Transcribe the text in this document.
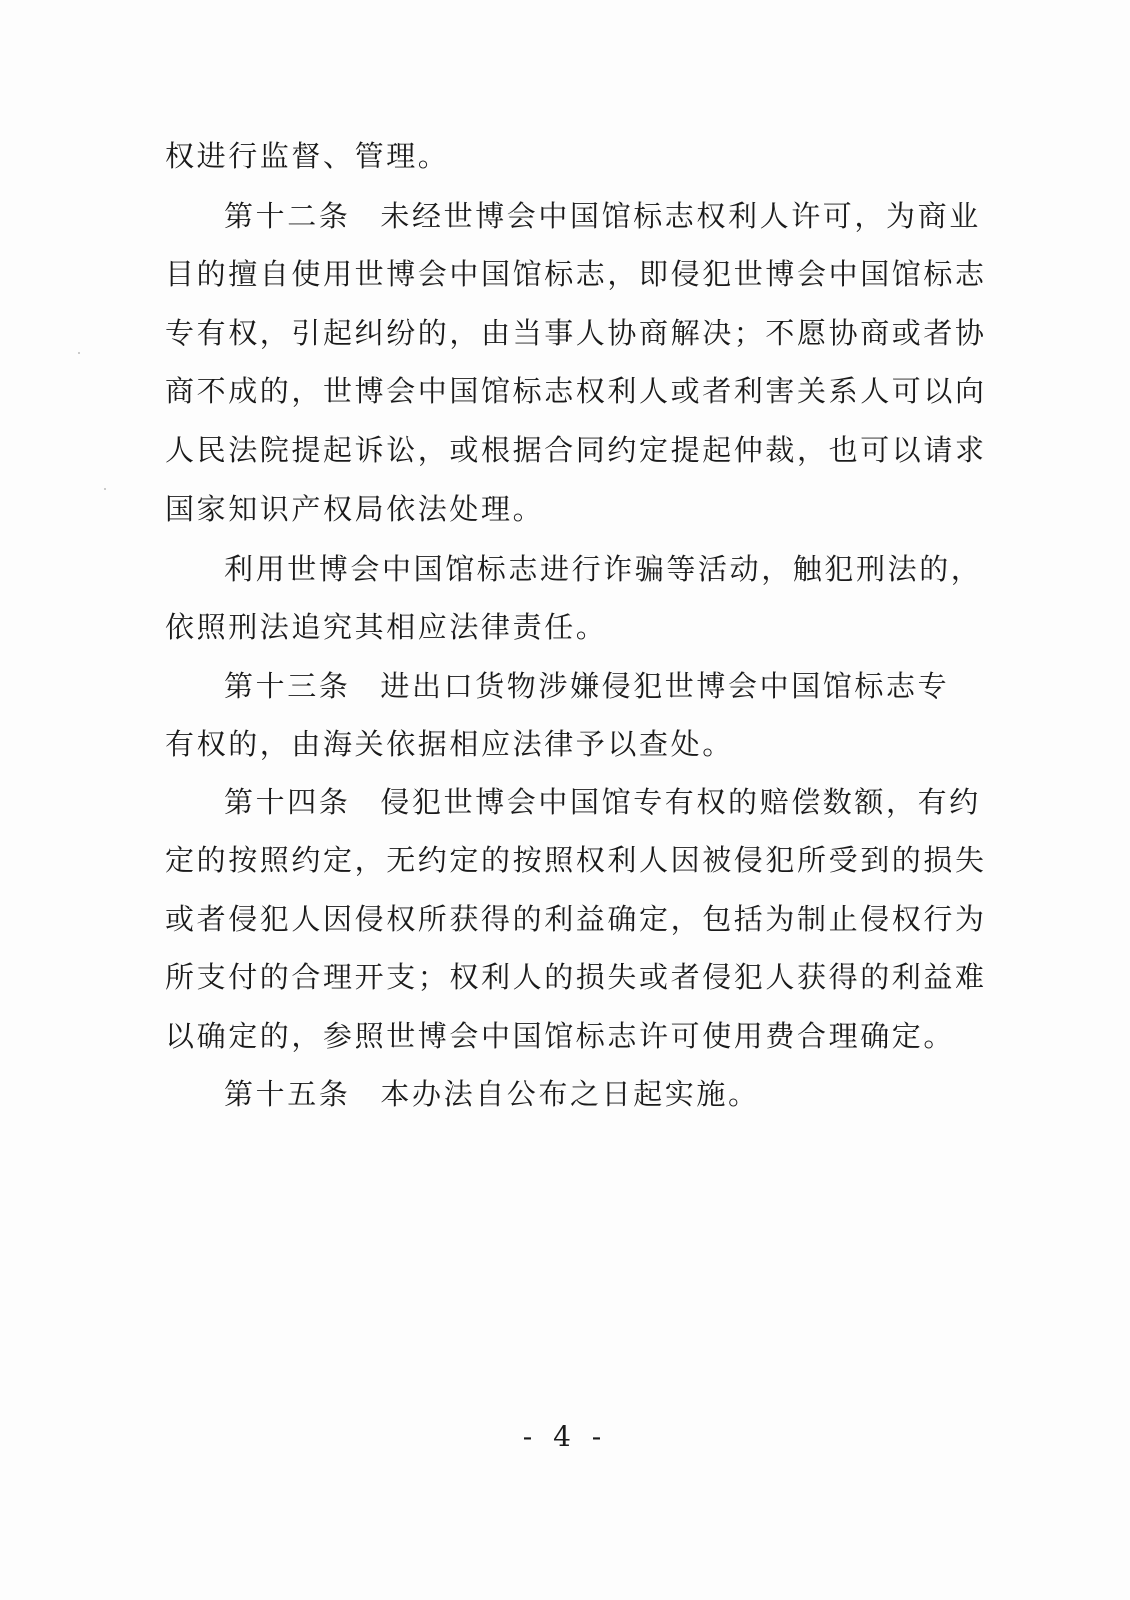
权进行监督、管理。
第十二条 未经世博会中国馆标志权利人许可，为商业
目的擅自使用世博会中国馆标志，即侵犯世博会中国馆标志
专有权，引起纠纷的，由当事人协商解决；不愿协商或者协
商不成的，世博会中国馆标志权利人或者利害关系人可以向
人民法院提起诉讼，或根据合同约定提起仲裁，也可以请求
国家知识产权局依法处理。
利用世博会中国馆标志进行诈骗等活动，触犯刑法的，
依照刑法追究其相应法律责任。
第十三条 进出口货物涉嫌侵犯世博会中国馆标志专
有权的，由海关依据相应法律予以查处。
第十四条 侵犯世博会中国馆专有权的赔偿数额，有约
定的按照约定，无约定的按照权利人因被侵犯所受到的损失
或者侵犯人因侵权所获得的利益确定，包括为制止侵权行为
所支付的合理开支；权利人的损失或者侵犯人获得的利益难
以确定的，参照世博会中国馆标志许可使用费合理确定。
第十五条 本办法自公布之日起实施。
- 4 -
